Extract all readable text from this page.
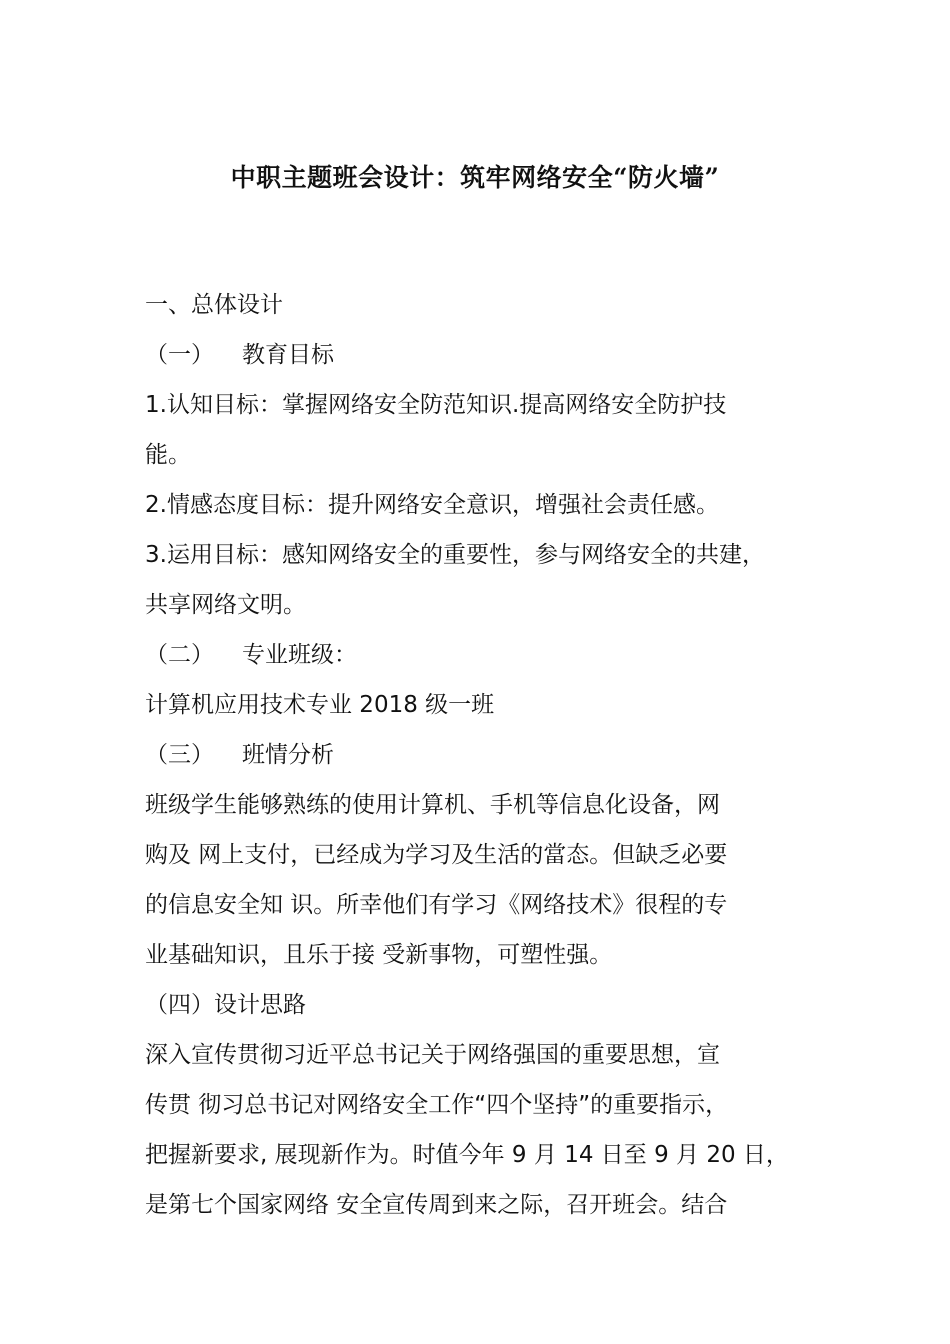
中职主题班会设计：筑牢网络安全“防火墙”
一、总体设计
（一） 教育目标
1.认知目标：掌握网络安全防范知识.提高网络安全防护技
能。
2.情感态度目标：提升网络安全意识，增强社会责任感。
3.运用目标：感知网络安全的重要性，参与网络安全的共建，
共享网络文明。
（二） 专业班级：
计算机应用技术专业 2018 级一班
（三） 班情分析
班级学生能够熟练的使用计算机、手机等信息化设备，网
购及 网上支付，已经成为学习及生活的當态。但缺乏必要
的信息安全知 识。所幸他们有学习《网络技术》很程的专
业基础知识，且乐于接 受新事物，可塑性强。
（四）设计思路
深入宣传贯彻习近平总书记关于网络强国的重要思想，宣
传贯 彻习总书记对网络安全工作“四个坚持”的重要指示，
把握新要求, 展现新作为。时值今年 9 月 14 日至 9 月 20 日，
是第七个国家网络 安全宣传周到来之际，召开班会。结合
